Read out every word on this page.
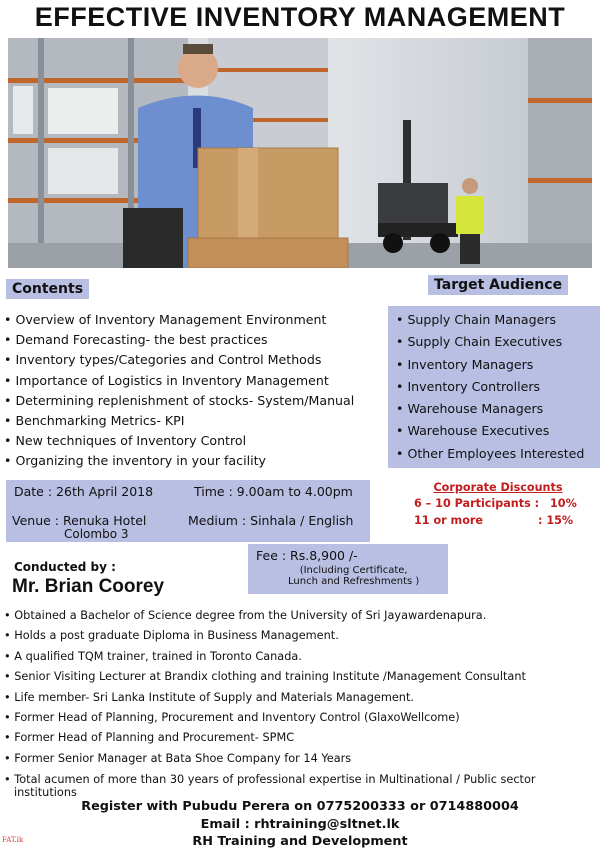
EFFECTIVE INVENTORY MANAGEMENT
Contents	Target Audience
• Overview of Inventory Management Environment
• Demand Forecasting- the best practices
• Inventory types/Categories and Control Methods
• Importance of Logistics in Inventory Management
• Determining replenishment of stocks- System/Manual
• Benchmarking Metrics- KPI
• New techniques of Inventory Control
• Organizing the inventory in your facility
• Supply Chain Managers
• Supply Chain Executives
• Inventory Managers
• Inventory Controllers
• Warehouse Managers
• Warehouse Executives
• Other Employees Interested
Date : 26th April 2018	Time : 9.00am to 4.00pm
Venue : Renuka Hotel
Colombo 3
Medium : Sinhala / English
Fee : Rs.8,900 /-
(Including Certificate,
Lunch and Refreshments )
Corporate Discounts
6 – 10 Participants : 10%
11 or more	: 15%
Conducted by :
Mr. Brian Coorey
• Obtained a Bachelor of Science degree from the University of Sri Jayawardenapura.
• Holds a post graduate Diploma in Business Management.
• A qualified TQM trainer, trained in Toronto Canada.
• Senior Visiting Lecturer at Brandix clothing and training Institute /Management Consultant
• Life member- Sri Lanka Institute of Supply and Materials Management.
• Former Head of Planning, Procurement and Inventory Control (GlaxoWellcome)
• Former Head of Planning and Procurement- SPMC
• Former Senior Manager at Bata Shoe Company for 14 Years
• Total acumen of more than 30 years of professional expertise in Multinational / Public sector institutions
Register with Pubudu Perera on 0775200333 or 0714880004
Email : rhtraining@sltnet.lk
RH Training and Development
FAT.lk
